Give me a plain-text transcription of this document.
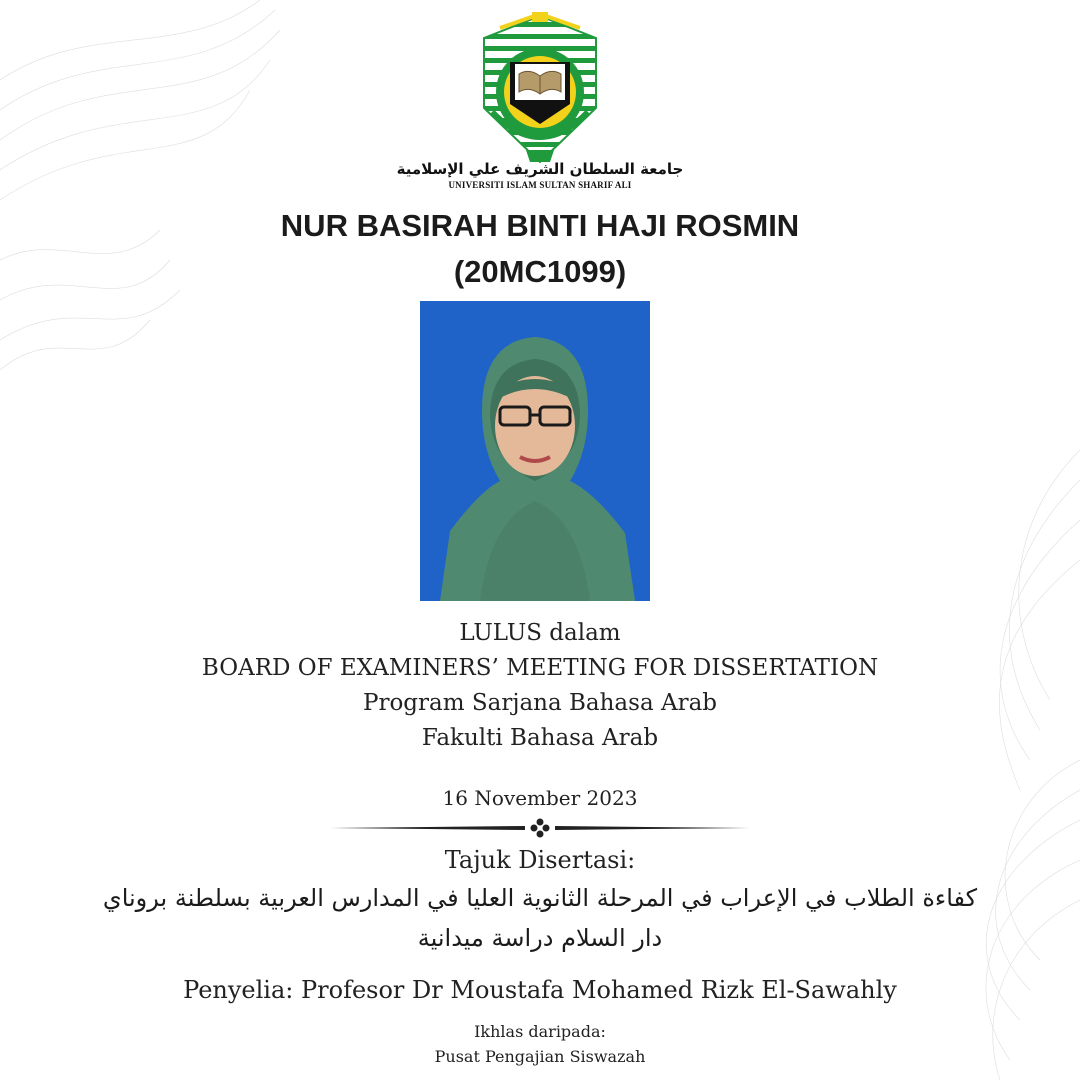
جامعة السلطان الشريف علي الإسلامية
UNIVERSITI ISLAM SULTAN SHARIF ALI
NUR BASIRAH BINTI HAJI ROSMIN
(20MC1099)
LULUS dalam
BOARD OF EXAMINERS’ MEETING FOR DISSERTATION
Program Sarjana Bahasa Arab
Fakulti Bahasa Arab
16 November 2023
Tajuk Disertasi:
كفاءة الطلاب في الإعراب في المرحلة الثانوية العليا في المدارس العربية بسلطنة بروناي
دار السلام دراسة ميدانية
Penyelia: Profesor Dr Moustafa Mohamed Rizk El-Sawahly
Ikhlas daripada:
Pusat Pengajian Siswazah
